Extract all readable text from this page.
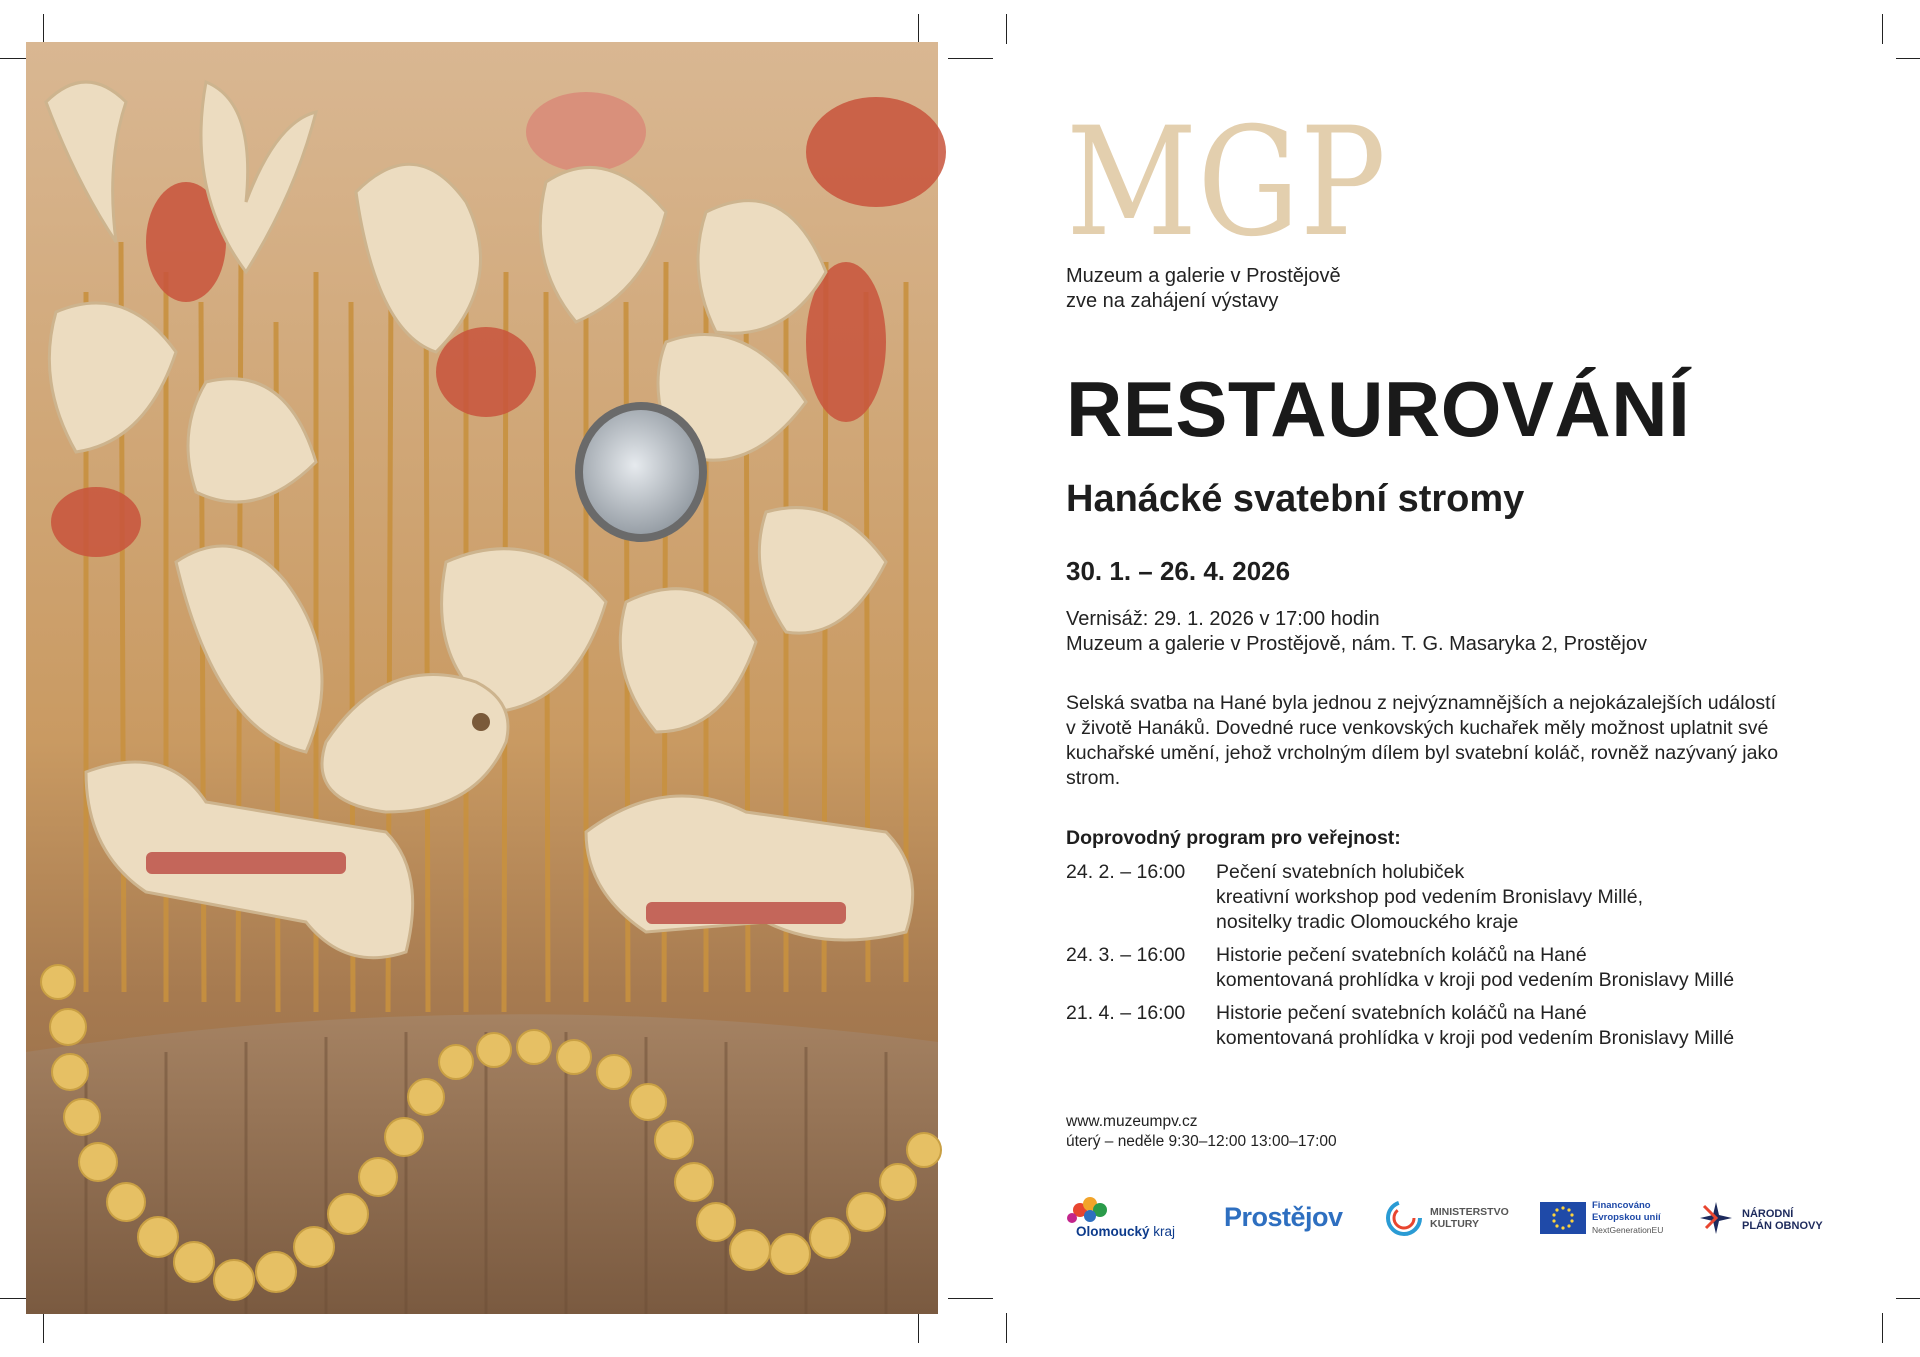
MGP
Muzeum a galerie v Prostějově
zve na zahájení výstavy
RESTAUROVÁNÍ
Hanácké svatební stromy
30. 1. – 26. 4. 2026
Vernisáž: 29. 1. 2026 v 17:00 hodin
Muzeum a galerie v Prostějově, nám. T. G. Masaryka 2, Prostějov
Selská svatba na Hané byla jednou z nejvýznamnějších a nejokázalejších událostí
v životě Hanáků. Dovedné ruce venkovských kuchařek měly možnost uplatnit své
kuchařské umění, jehož vrcholným dílem byl svatební koláč, rovněž nazývaný jako
strom.
Doprovodný program pro veřejnost:
24. 2. – 16:00 Pečení svatebních holubiček
kreativní workshop pod vedením Bronislavy Millé,
nositelky tradic Olomouckého kraje
24. 3. – 16:00 Historie pečení svatebních koláčů na Hané
komentovaná prohlídka v kroji pod vedením Bronislavy Millé
21. 4. – 16:00 Historie pečení svatebních koláčů na Hané
komentovaná prohlídka v kroji pod vedením Bronislavy Millé
www.muzeumpv.cz
úterý – neděle 9:30–12:00 13:00–17:00
Olomoucký kraj Prostějov	MINISTERSTVO
KULTURY
Financováno
Evropskou unií
NextGenerationEU
NÁRODNÍ
PLÁN OBNOVY
